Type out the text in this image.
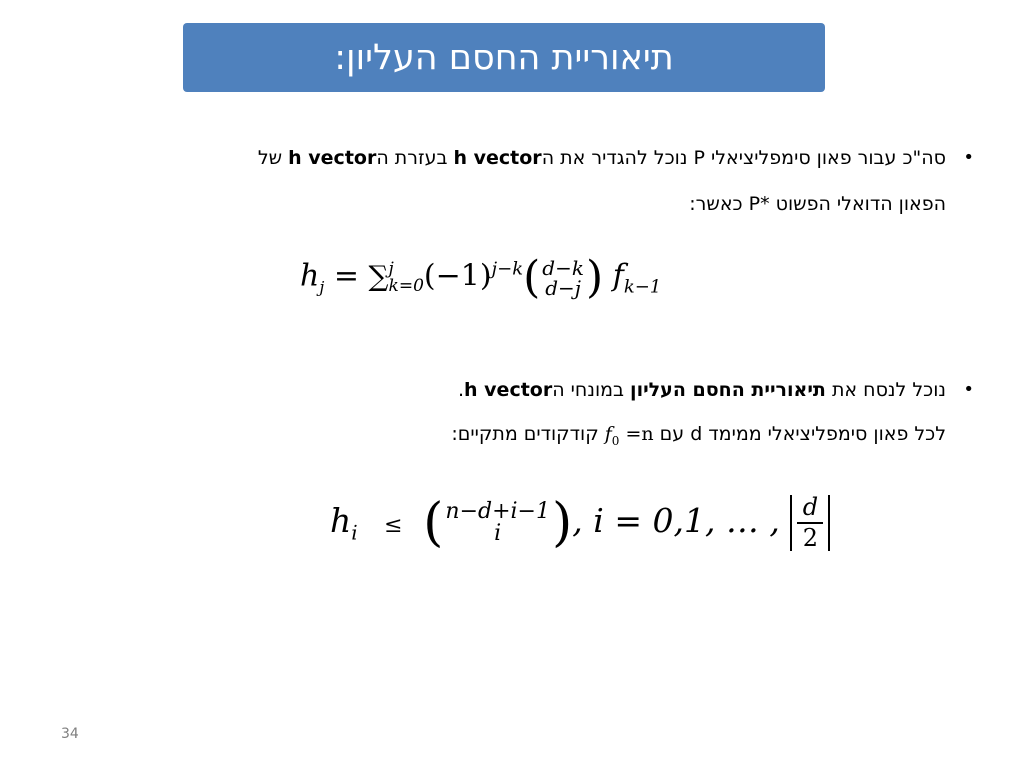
תיאוריית החסם העליון:
•
סה"כ עבור פאון סימפליציאלי P נוכל להגדיר את הh vector בעזרת הh vector של
הפאון הדואלי הפשוט *P כאשר:
$h_j$ = ∑ j
k=0 $(-1)^{j-k}$( d−k
d−j ) $f_{k-1}$
•
נוכל לנסח את תיאוריית החסם העליון במונחי הh vector.
לכל פאון סימפליציאלי ממימד d עם $f_0 =n$ קודקודים מתקיים:
$h_i$ ≤ ( n−d+i−1
i ), i = 0,1, … , $\frac{d}{2}$
34
